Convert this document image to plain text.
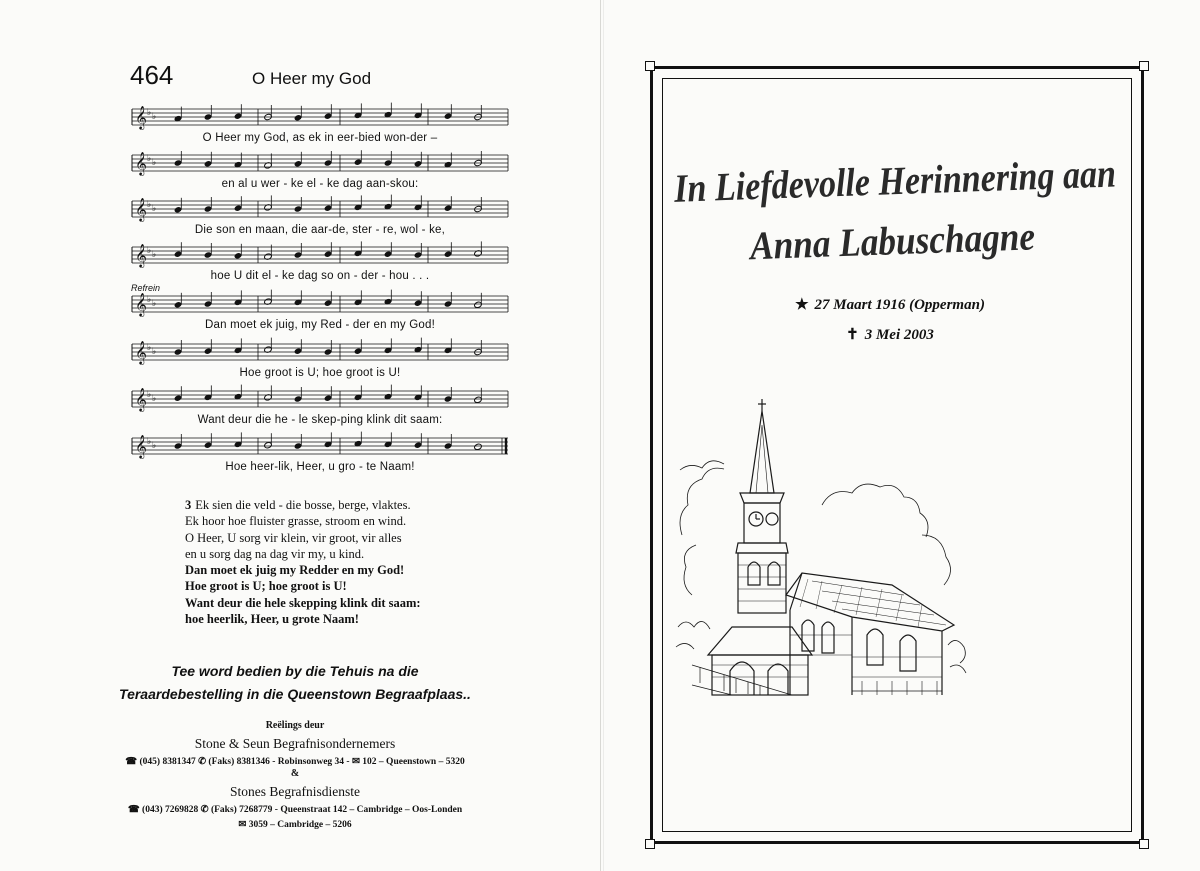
464	O Heer my God
Refrein
𝄞 ♭ ♭
O Heer my God, as ek in eer-bied won-der –
𝄞 ♭ ♭
en al u wer - ke el - ke dag aan-skou:
𝄞 ♭ ♭
Die son en maan, die aar-de, ster - re, wol - ke,
𝄞 ♭ ♭
hoe U dit el - ke dag so on - der - hou . . .
𝄞 ♭ ♭
Dan moet ek juig, my Red - der en my God!
𝄞 ♭ ♭
Hoe groot is U; hoe groot is U!
𝄞 ♭ ♭
Want deur die he - le skep-ping klink dit saam:
𝄞 ♭ ♭
Hoe heer-lik, Heer, u gro - te Naam!
3 Ek sien die veld - die bosse, berge, vlaktes.
Ek hoor hoe fluister grasse, stroom en wind.
O Heer, U sorg vir klein, vir groot, vir alles
en u sorg dag na dag vir my, u kind.
Dan moet ek juig my Redder en my God!
Hoe groot is U; hoe groot is U!
Want deur die hele skepping klink dit saam:
hoe heerlik, Heer, u grote Naam!
Tee word bedien by die Tehuis na die
Teraardebestelling in die Queenstown Begraafplaas..
Reëlings deur
Stone & Seun Begrafnisondernemers
☎ (045) 8381347 ✆ (Faks) 8381346 - Robinsonweg 34 - ✉ 102 – Queenstown – 5320
&
Stones Begrafnisdienste
☎ (043) 7269828 ✆ (Faks) 7268779 - Queenstraat 142 – Cambridge – Oos-Londen
✉ 3059 – Cambridge – 5206
In Liefdevolle Herinnering aan
Anna Labuschagne
★ 27 Maart 1916 (Opperman)
✝ 3 Mei 2003
